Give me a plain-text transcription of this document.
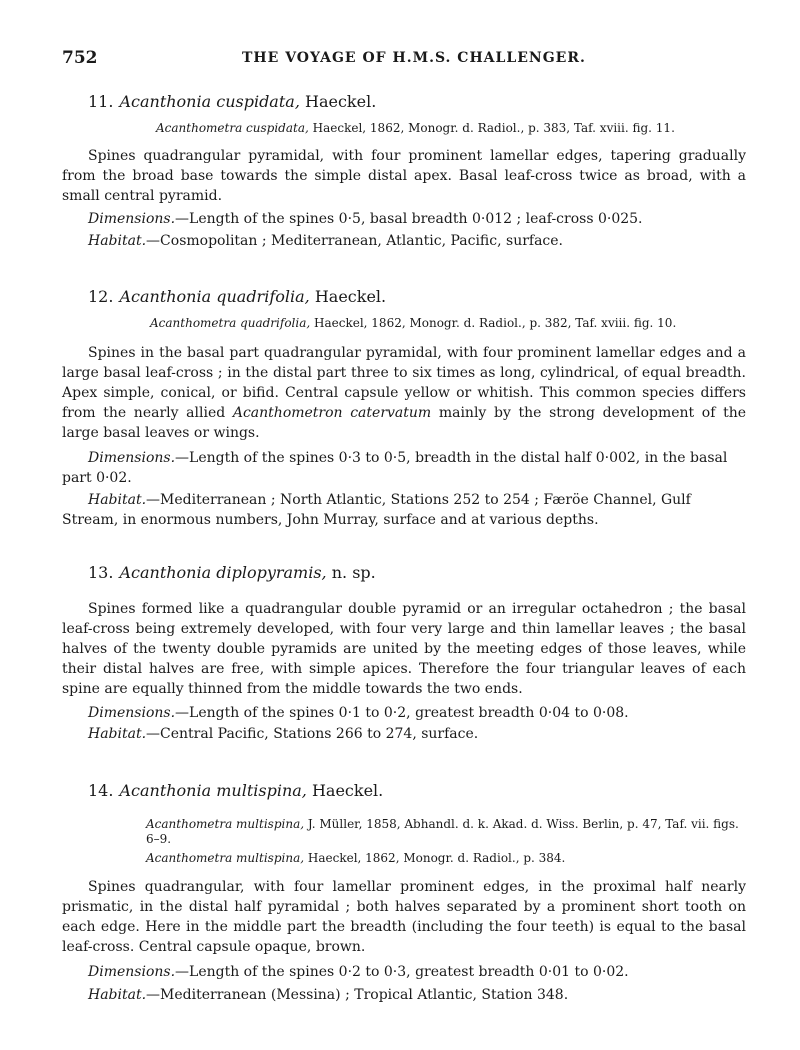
752	THE VOYAGE OF H.M.S. CHALLENGER.
11. Acanthonia cuspidata, Haeckel.
Acanthometra cuspidata, Haeckel, 1862, Monogr. d. Radiol., p. 383, Taf. xviii. fig. 11.

Spines quadrangular pyramidal, with four prominent lamellar edges, tapering gradually from the broad base towards the simple distal apex. Basal leaf-cross twice as broad, with a small central pyramid.

Dimensions.—Length of the spines 0·5, basal breadth 0·012 ; leaf-cross 0·025.

Habitat.—Cosmopolitan ; Mediterranean, Atlantic, Pacific, surface.

12. Acanthonia quadrifolia, Haeckel.
Acanthometra quadrifolia, Haeckel, 1862, Monogr. d. Radiol., p. 382, Taf. xviii. fig. 10.

Spines in the basal part quadrangular pyramidal, with four prominent lamellar edges and a large basal leaf-cross ; in the distal part three to six times as long, cylindrical, of equal breadth. Apex simple, conical, or bifid. Central capsule yellow or whitish. This common species differs from the nearly allied Acanthometron catervatum mainly by the strong development of the large basal leaves or wings.

Dimensions.—Length of the spines 0·3 to 0·5, breadth in the distal half 0·002, in the basal part 0·02.

Habitat.—Mediterranean ; North Atlantic, Stations 252 to 254 ; Færöe Channel, Gulf Stream, in enormous numbers, John Murray, surface and at various depths.

13. Acanthonia diplopyramis, n. sp.

Spines formed like a quadrangular double pyramid or an irregular octahedron ; the basal leaf-cross being extremely developed, with four very large and thin lamellar leaves ; the basal halves of the twenty double pyramids are united by the meeting edges of those leaves, while their distal halves are free, with simple apices. Therefore the four triangular leaves of each spine are equally thinned from the middle towards the two ends.

Dimensions.—Length of the spines 0·1 to 0·2, greatest breadth 0·04 to 0·08.

Habitat.—Central Pacific, Stations 266 to 274, surface.

14. Acanthonia multispina, Haeckel.
Acanthometra multispina, J. Müller, 1858, Abhandl. d. k. Akad. d. Wiss. Berlin, p. 47, Taf. vii. figs. 6–9.
Acanthometra multispina, Haeckel, 1862, Monogr. d. Radiol., p. 384.

Spines quadrangular, with four lamellar prominent edges, in the proximal half nearly prismatic, in the distal half pyramidal ; both halves separated by a prominent short tooth on each edge. Here in the middle part the breadth (including the four teeth) is equal to the basal leaf-cross. Central capsule opaque, brown.

Dimensions.—Length of the spines 0·2 to 0·3, greatest breadth 0·01 to 0·02.

Habitat.—Mediterranean (Messina) ; Tropical Atlantic, Station 348.
